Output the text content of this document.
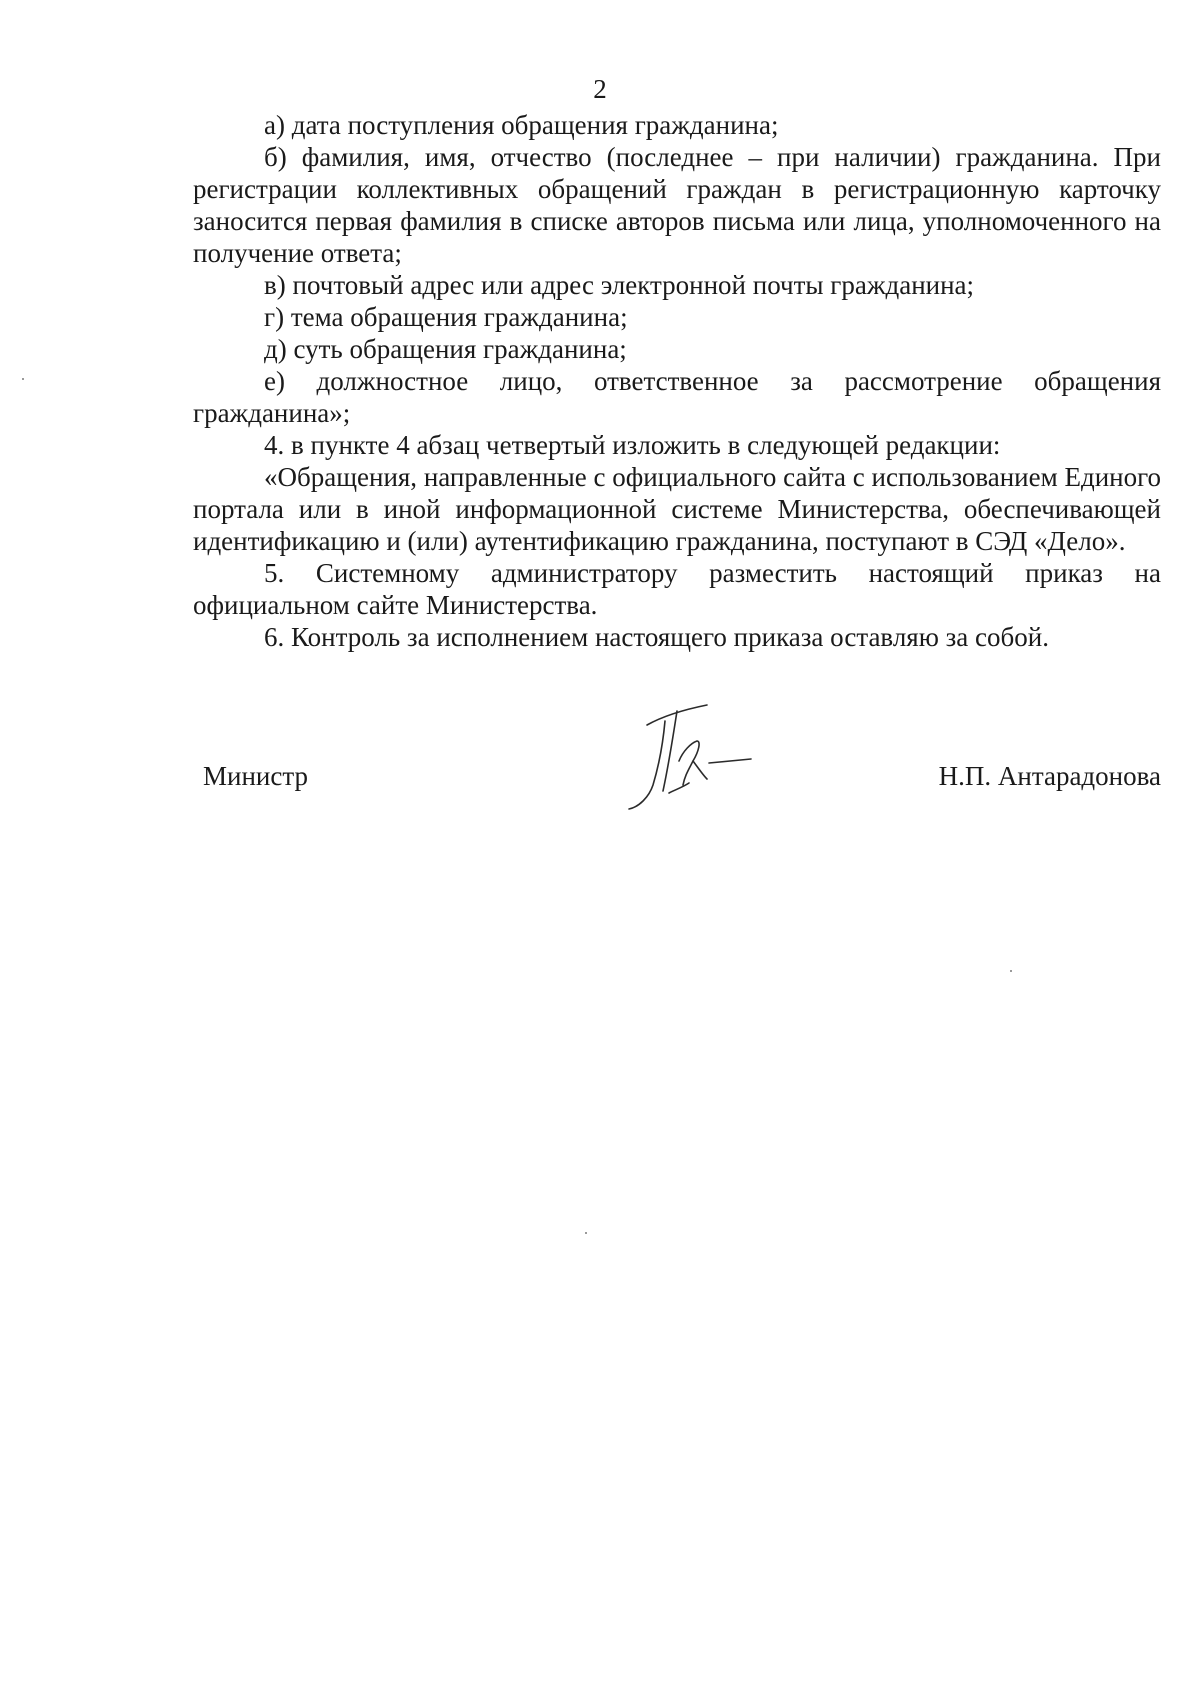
2

а) дата поступления обращения гражданина;

б) фамилия, имя, отчество (последнее – при наличии) гражданина. При регистрации коллективных обращений граждан в регистрационную карточку заносится первая фамилия в списке авторов письма или лица, уполномоченного на получение ответа;

в) почтовый адрес или адрес электронной почты гражданина;

г) тема обращения гражданина;

д) суть обращения гражданина;

е) должностное лицо, ответственное за рассмотрение обращения гражданина»;

4. в пункте 4 абзац четвертый изложить в следующей редакции:

«Обращения, направленные с официального сайта с использованием Единого портала или в иной информационной системе Министерства, обеспечивающей идентификацию и (или) аутентификацию гражданина, поступают в СЭД «Дело».

5. Системному администратору разместить настоящий приказ на официальном сайте Министерства.

6. Контроль за исполнением настоящего приказа оставляю за собой.

Министр	Н.П. Антарадонова
